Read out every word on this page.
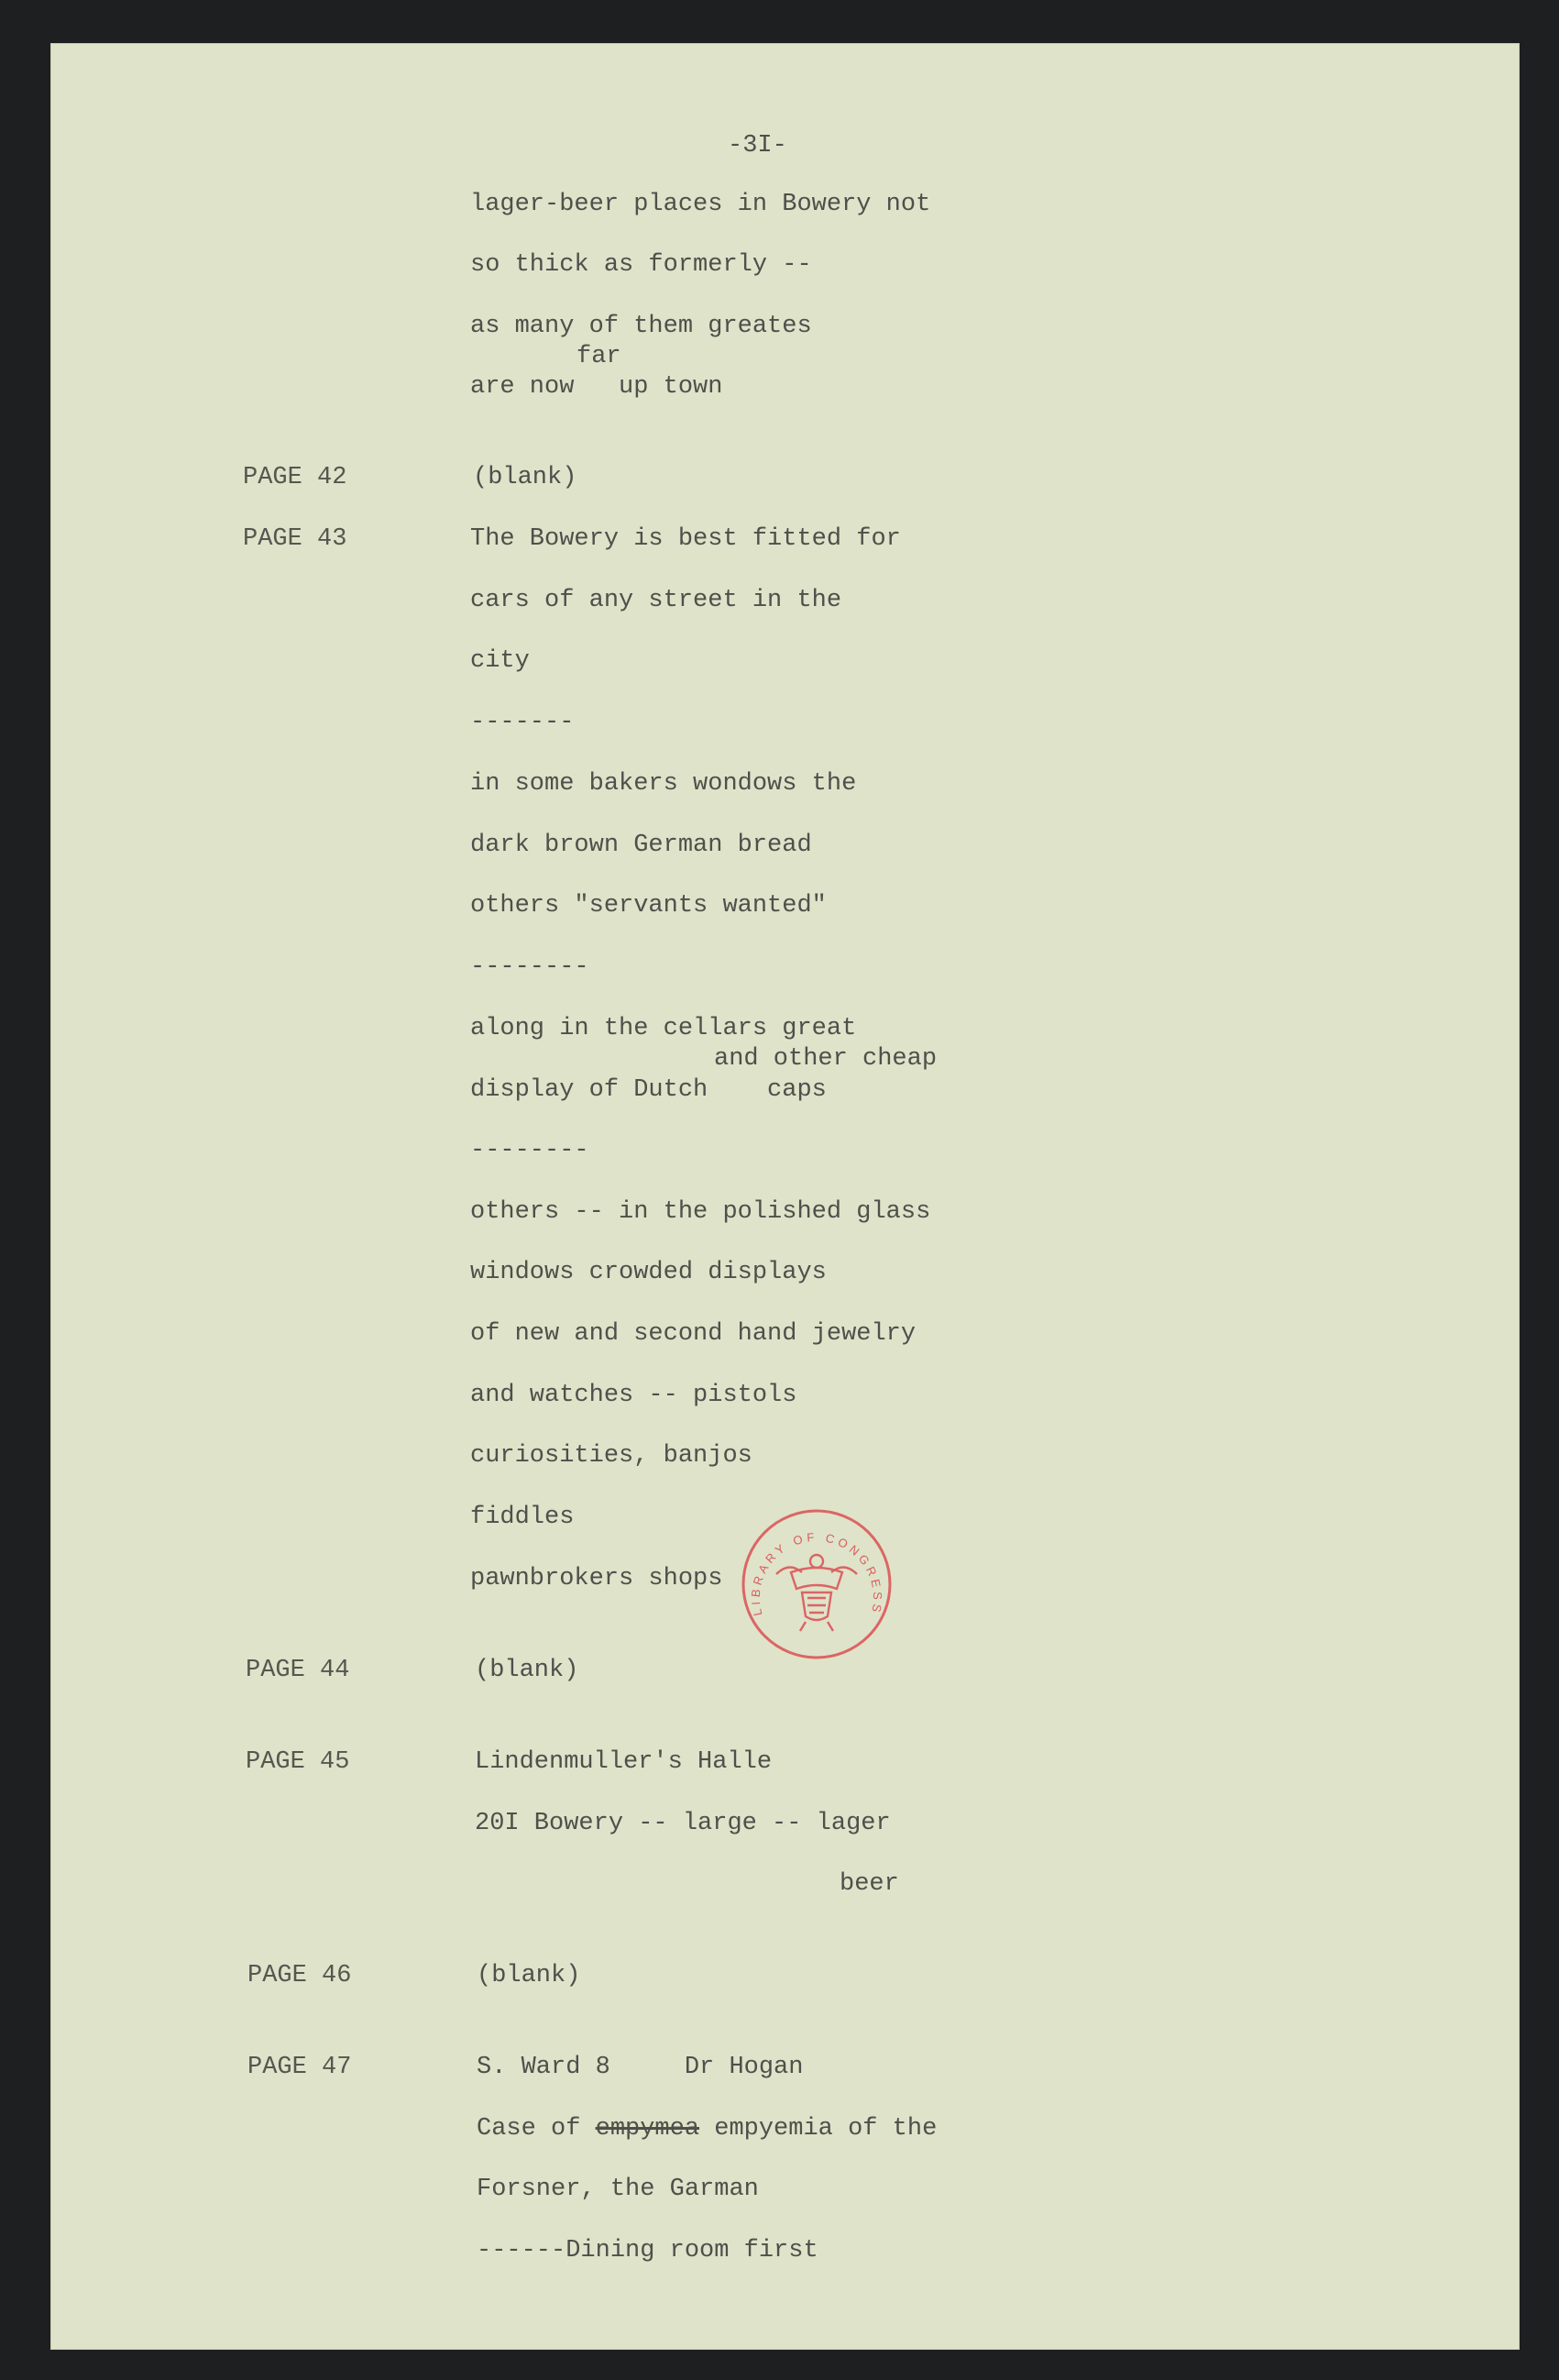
-3I-
lager-beer places in Bowery not
so thick as formerly --
as many of them greates
far
are now   up town
PAGE 42	(blank)
PAGE 43	The Bowery is best fitted for
cars of any street in the
city
-------
in some bakers wondows the
dark brown German bread
others "servants wanted"
--------
along in the cellars great
and other cheap
display of Dutch    caps
--------
others -- in the polished glass
windows crowded displays
of new and second hand jewelry
and watches -- pistols
curiosities, banjos
fiddles
pawnbrokers shops
PAGE 44	(blank)
PAGE 45	Lindenmuller's Halle
20I Bowery -- large -- lager
beer
PAGE 46	(blank)
PAGE 47	S. Ward 8     Dr Hogan
Case of empymea empyemia of the
Forsner, the Garman
------Dining room first
LIBRARY OF CONGRESS
